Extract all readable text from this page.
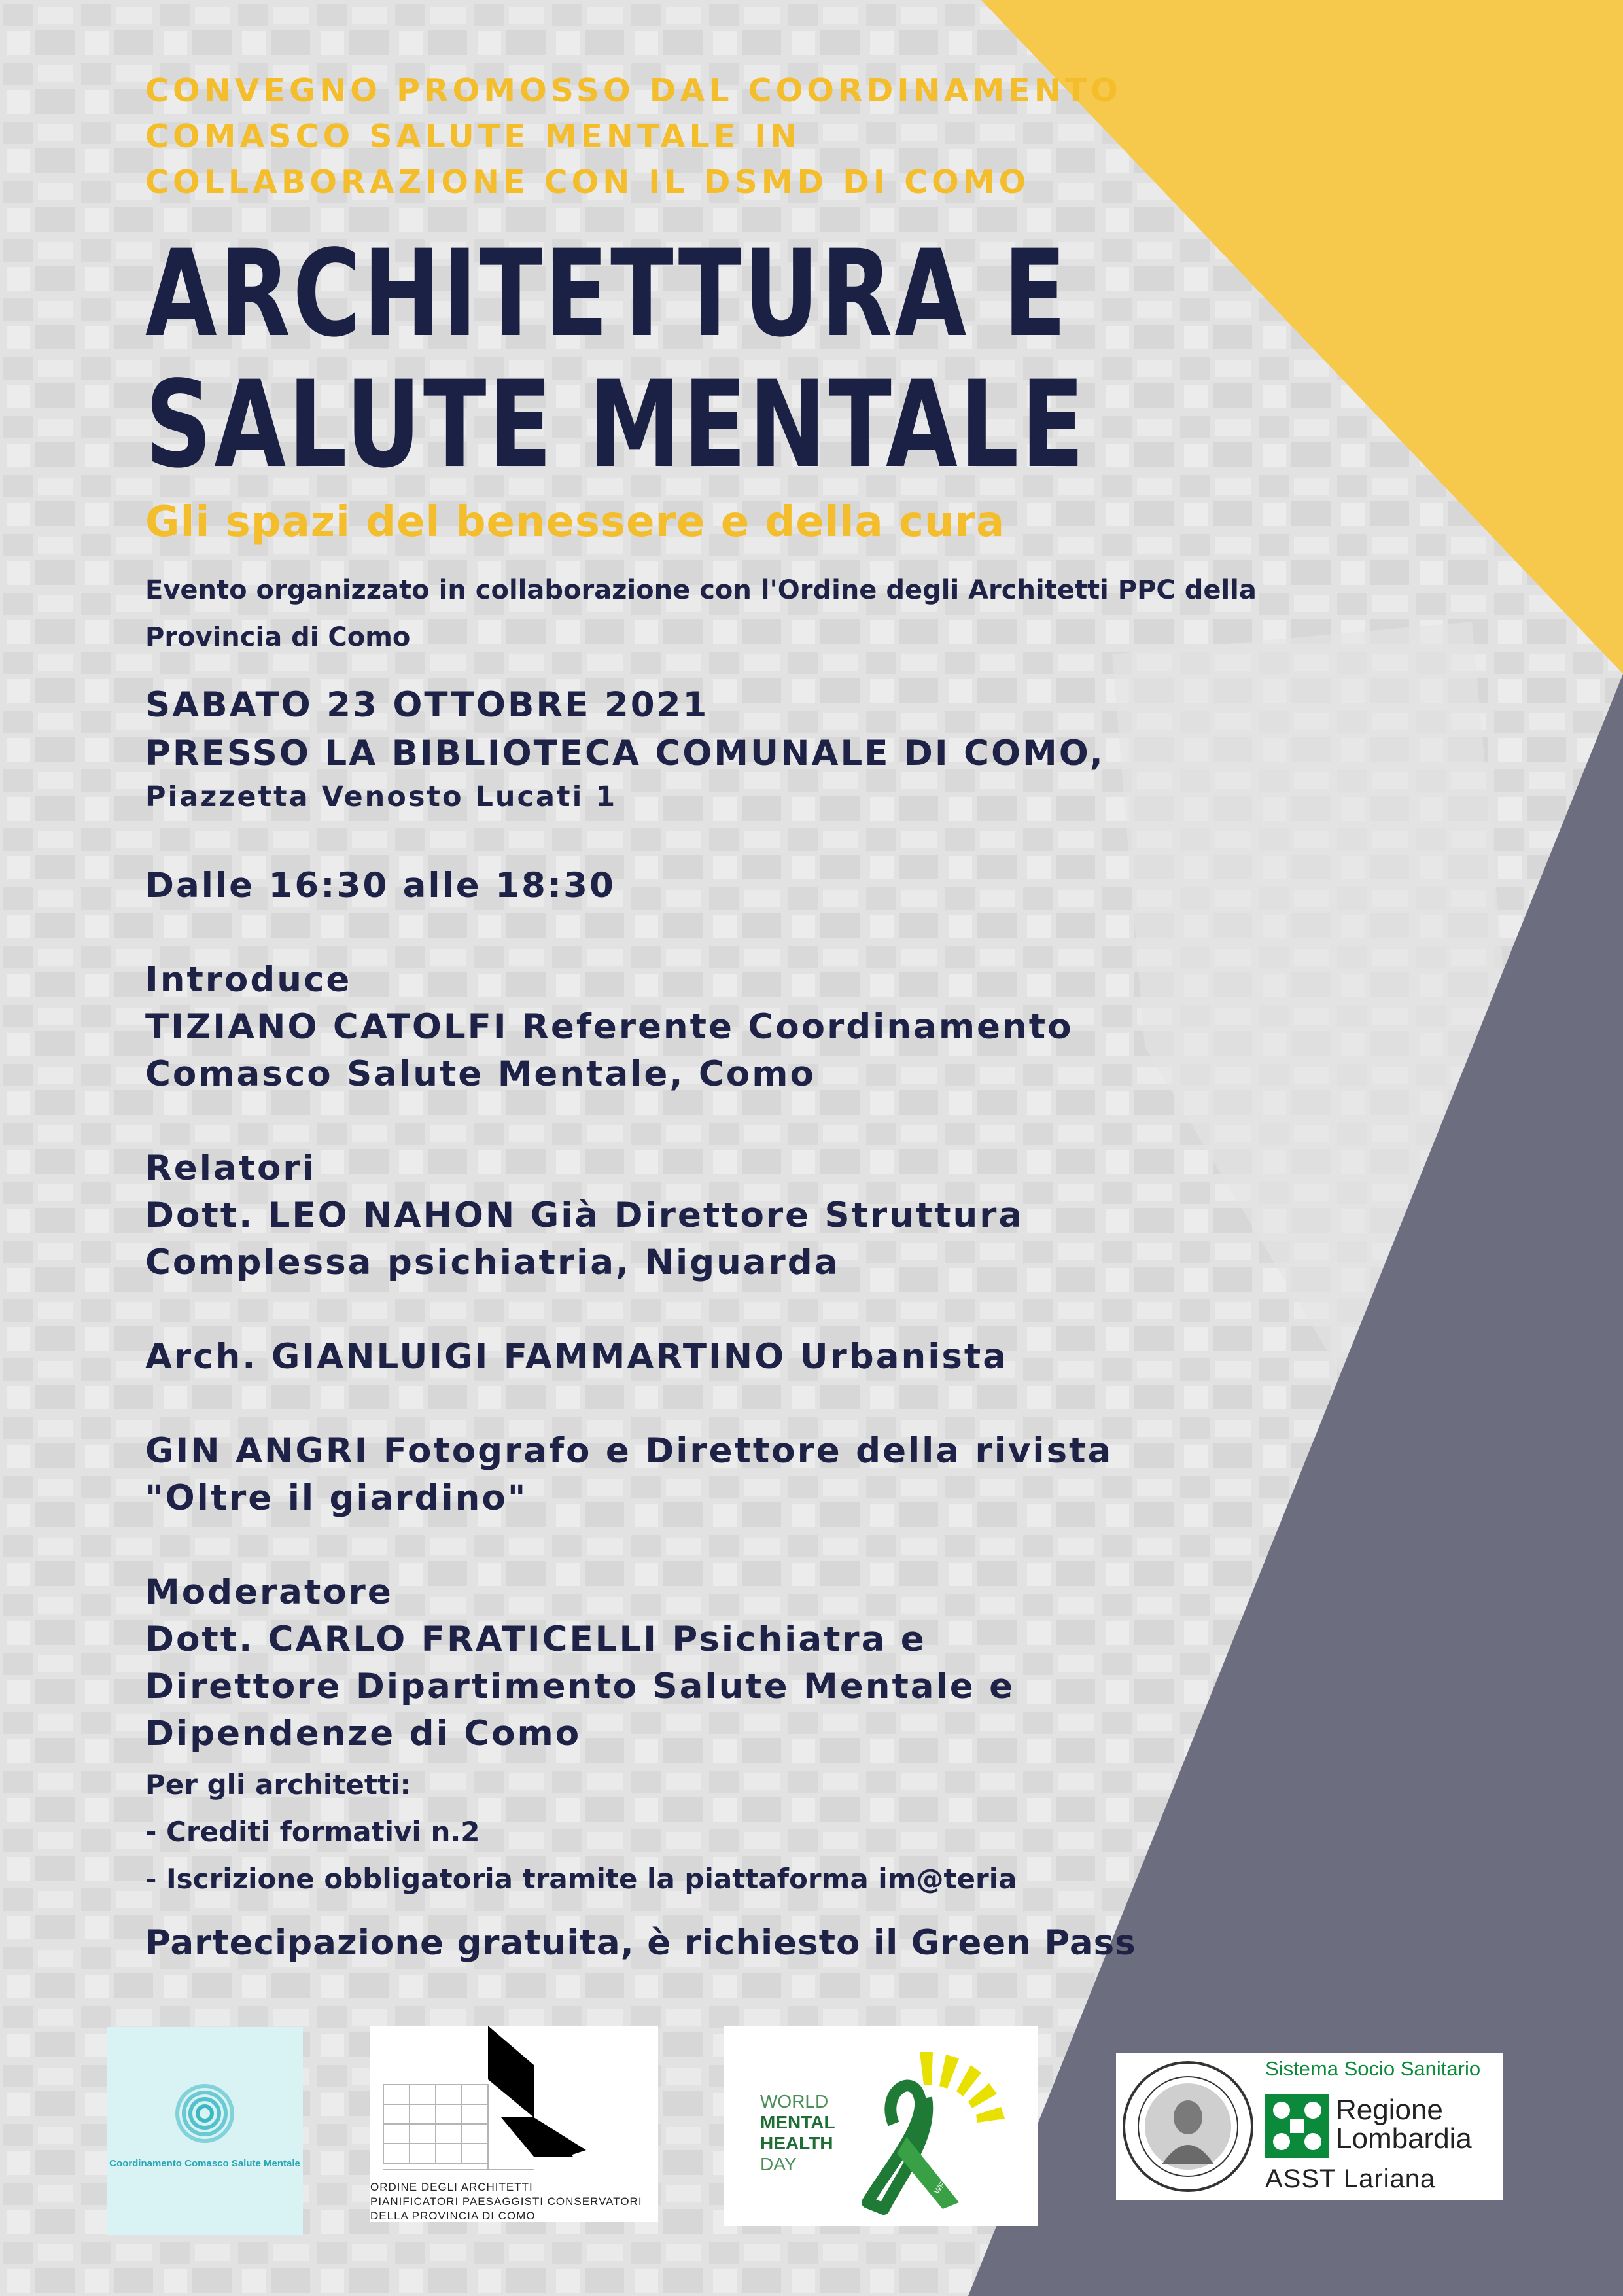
CONVEGNO PROMOSSO DAL COORDINAMENTO
COMASCO SALUTE MENTALE IN
COLLABORAZIONE CON IL DSMD DI COMO
ARCHITETTURA E
SALUTE MENTALE
Gli spazi del benessere e della cura
Evento organizzato in collaborazione con l'Ordine degli Architetti PPC della
Provincia di Como
SABATO 23 OTTOBRE 2021
PRESSO LA BIBLIOTECA COMUNALE DI COMO,
Piazzetta Venosto Lucati 1
Dalle 16:30 alle 18:30
Introduce
TIZIANO CATOLFI Referente Coordinamento
Comasco Salute Mentale, Como
Relatori
Dott. LEO NAHON Già Direttore Struttura
Complessa psichiatria, Niguarda
Arch. GIANLUIGI FAMMARTINO Urbanista
GIN ANGRI Fotografo e Direttore della rivista
"Oltre il giardino"
Moderatore
Dott. CARLO FRATICELLI Psichiatra e
Direttore Dipartimento Salute Mentale e
Dipendenze di Como
Per gli architetti:
- Crediti formativi n.2
- Iscrizione obbligatoria tramite la piattaforma im@teria
Partecipazione gratuita, è richiesto il Green Pass

Coordinamento Comasco Salute Mentale

ORDINE DEGLI ARCHITETTI
PIANIFICATORI PAESAGGISTI CONSERVATORI
DELLA PROVINCIA DI COMO

WFMH

WORLD
MENTAL
HEALTH
DAY

Sistema Socio Sanitario

Regione

Lombardia

ASST Lariana
